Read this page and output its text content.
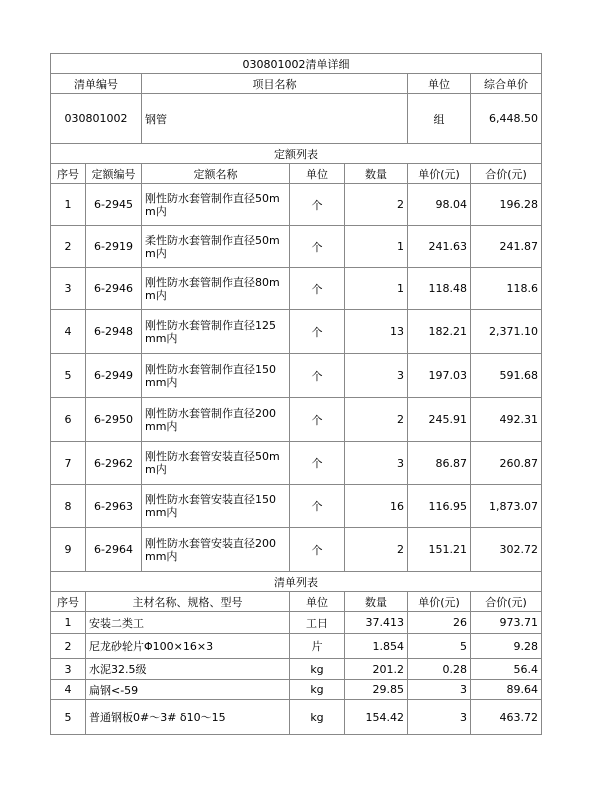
030801002清单详细						
清单编号		项目名称			单位	综合单价
030801002		钢管			组	6,448.50
定额列表						
序号	定额编号	定额名称	单位	数量	单价(元)	合价(元)
1	6-2945	刚性防水套管制作直径50mm内	个	2	98.04	196.28
2	6-2919	柔性防水套管制作直径50mm内	个	1	241.63	241.87
3	6-2946	刚性防水套管制作直径80mm内	个	1	118.48	118.6
4	6-2948	刚性防水套管制作直径125mm内	个	13	182.21	2,371.10
5	6-2949	刚性防水套管制作直径150mm内	个	3	197.03	591.68
6	6-2950	刚性防水套管制作直径200mm内	个	2	245.91	492.31
7	6-2962	刚性防水套管安装直径50mm内	个	3	86.87	260.87
8	6-2963	刚性防水套管安装直径150mm内	个	16	116.95	1,873.07
9	6-2964	刚性防水套管安装直径200mm内	个	2	151.21	302.72
清单列表						
序号	主材名称、规格、型号		单位	数量	单价(元)	合价(元)
1	安装二类工		工日	37.413	26	973.71
2	尼龙砂轮片Φ100×16×3		片	1.854	5	9.28
3	水泥32.5级		kg	201.2	0.28	56.4
4	扁钢<-59		kg	29.85	3	89.64
5	普通钢板0#～3# δ10～15		kg	154.42	3	463.72
